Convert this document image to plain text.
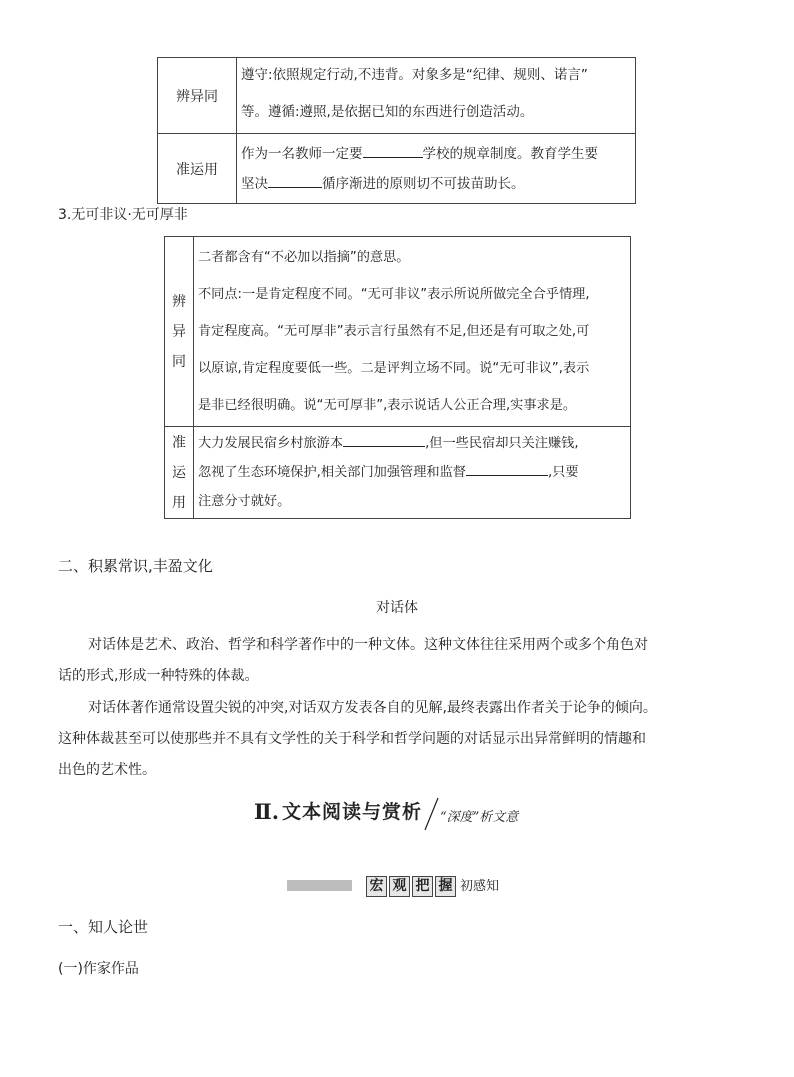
辨异同	遵守:依照规定行动,不违背。对象多是“纪律、规则、诺言”
等。遵循:遵照,是依据已知的东西进行创造活动。

准运用	作为一名教师一定要 学校的规章制度。教育学生要
坚决 循序渐进的原则切不可拔苗助长。
3.无可非议·无可厚非
辨
异
同	二者都含有“不必加以指摘”的意思。
不同点:一是肯定程度不同。“无可非议”表示所说所做完全合乎情理,
肯定程度高。“无可厚非”表示言行虽然有不足,但还是有可取之处,可
以原谅,肯定程度要低一些。二是评判立场不同。说“无可非议”,表示
是非已经很明确。说“无可厚非”,表示说话人公正合理,实事求是。

准
运
用	大力发展民宿乡村旅游本 ,但一些民宿却只关注赚钱,
忽视了生态环境保护,相关部门加强管理和监督 ,只要
注意分寸就好。
二、积累常识,丰盈文化
对话体
对话体是艺术、政治、哲学和科学著作中的一种文体。这种文体往往采用两个或多个角色对
话的形式,形成一种特殊的体裁。
对话体著作通常设置尖锐的冲突,对话双方发表各自的见解,最终表露出作者关于论争的倾向。
这种体裁甚至可以使那些并不具有文学性的关于科学和哲学问题的对话显示出异常鲜明的情趣和
出色的艺术性。
Ⅱ. 文本阅读与赏析 “深度”析文意
宏 观 把 握 初感知
一、知人论世
(一)作家作品
